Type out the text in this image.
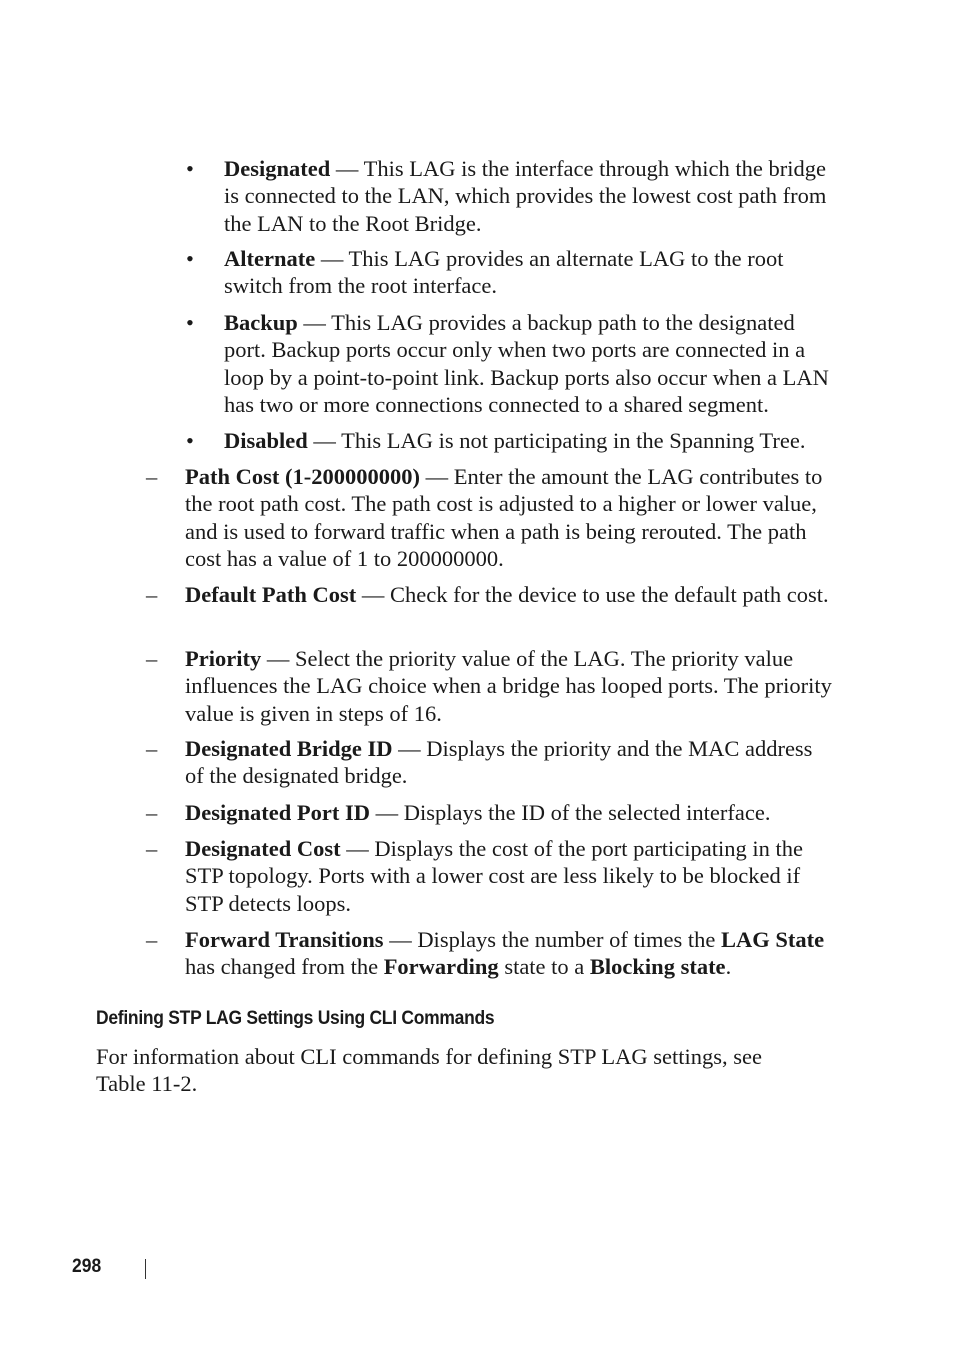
• Designated — This LAG is the interface through which the bridge is connected to the LAN, which provides the lowest cost path from the LAN to the Root Bridge.
• Alternate — This LAG provides an alternate LAG to the root switch from the root interface.
• Backup — This LAG provides a backup path to the designated port. Backup ports occur only when two ports are connected in a loop by a point-to-point link. Backup ports also occur when a LAN has two or more connections connected to a shared segment.
• Disabled — This LAG is not participating in the Spanning Tree.
– Path Cost (1-200000000) — Enter the amount the LAG contributes to the root path cost. The path cost is adjusted to a higher or lower value, and is used to forward traffic when a path is being rerouted. The path cost has a value of 1 to 200000000.
– Default Path Cost — Check for the device to use the default path cost.
– Priority — Select the priority value of the LAG. The priority value influences the LAG choice when a bridge has looped ports. The priority value is given in steps of 16.
– Designated Bridge ID — Displays the priority and the MAC address of the designated bridge.
– Designated Port ID — Displays the ID of the selected interface.
– Designated Cost — Displays the cost of the port participating in the STP topology. Ports with a lower cost are less likely to be blocked if STP detects loops.
– Forward Transitions — Displays the number of times the LAG State has changed from the Forwarding state to a Blocking state.
Defining STP LAG Settings Using CLI Commands
For information about CLI commands for defining STP LAG settings, see Table 11-2.
298
